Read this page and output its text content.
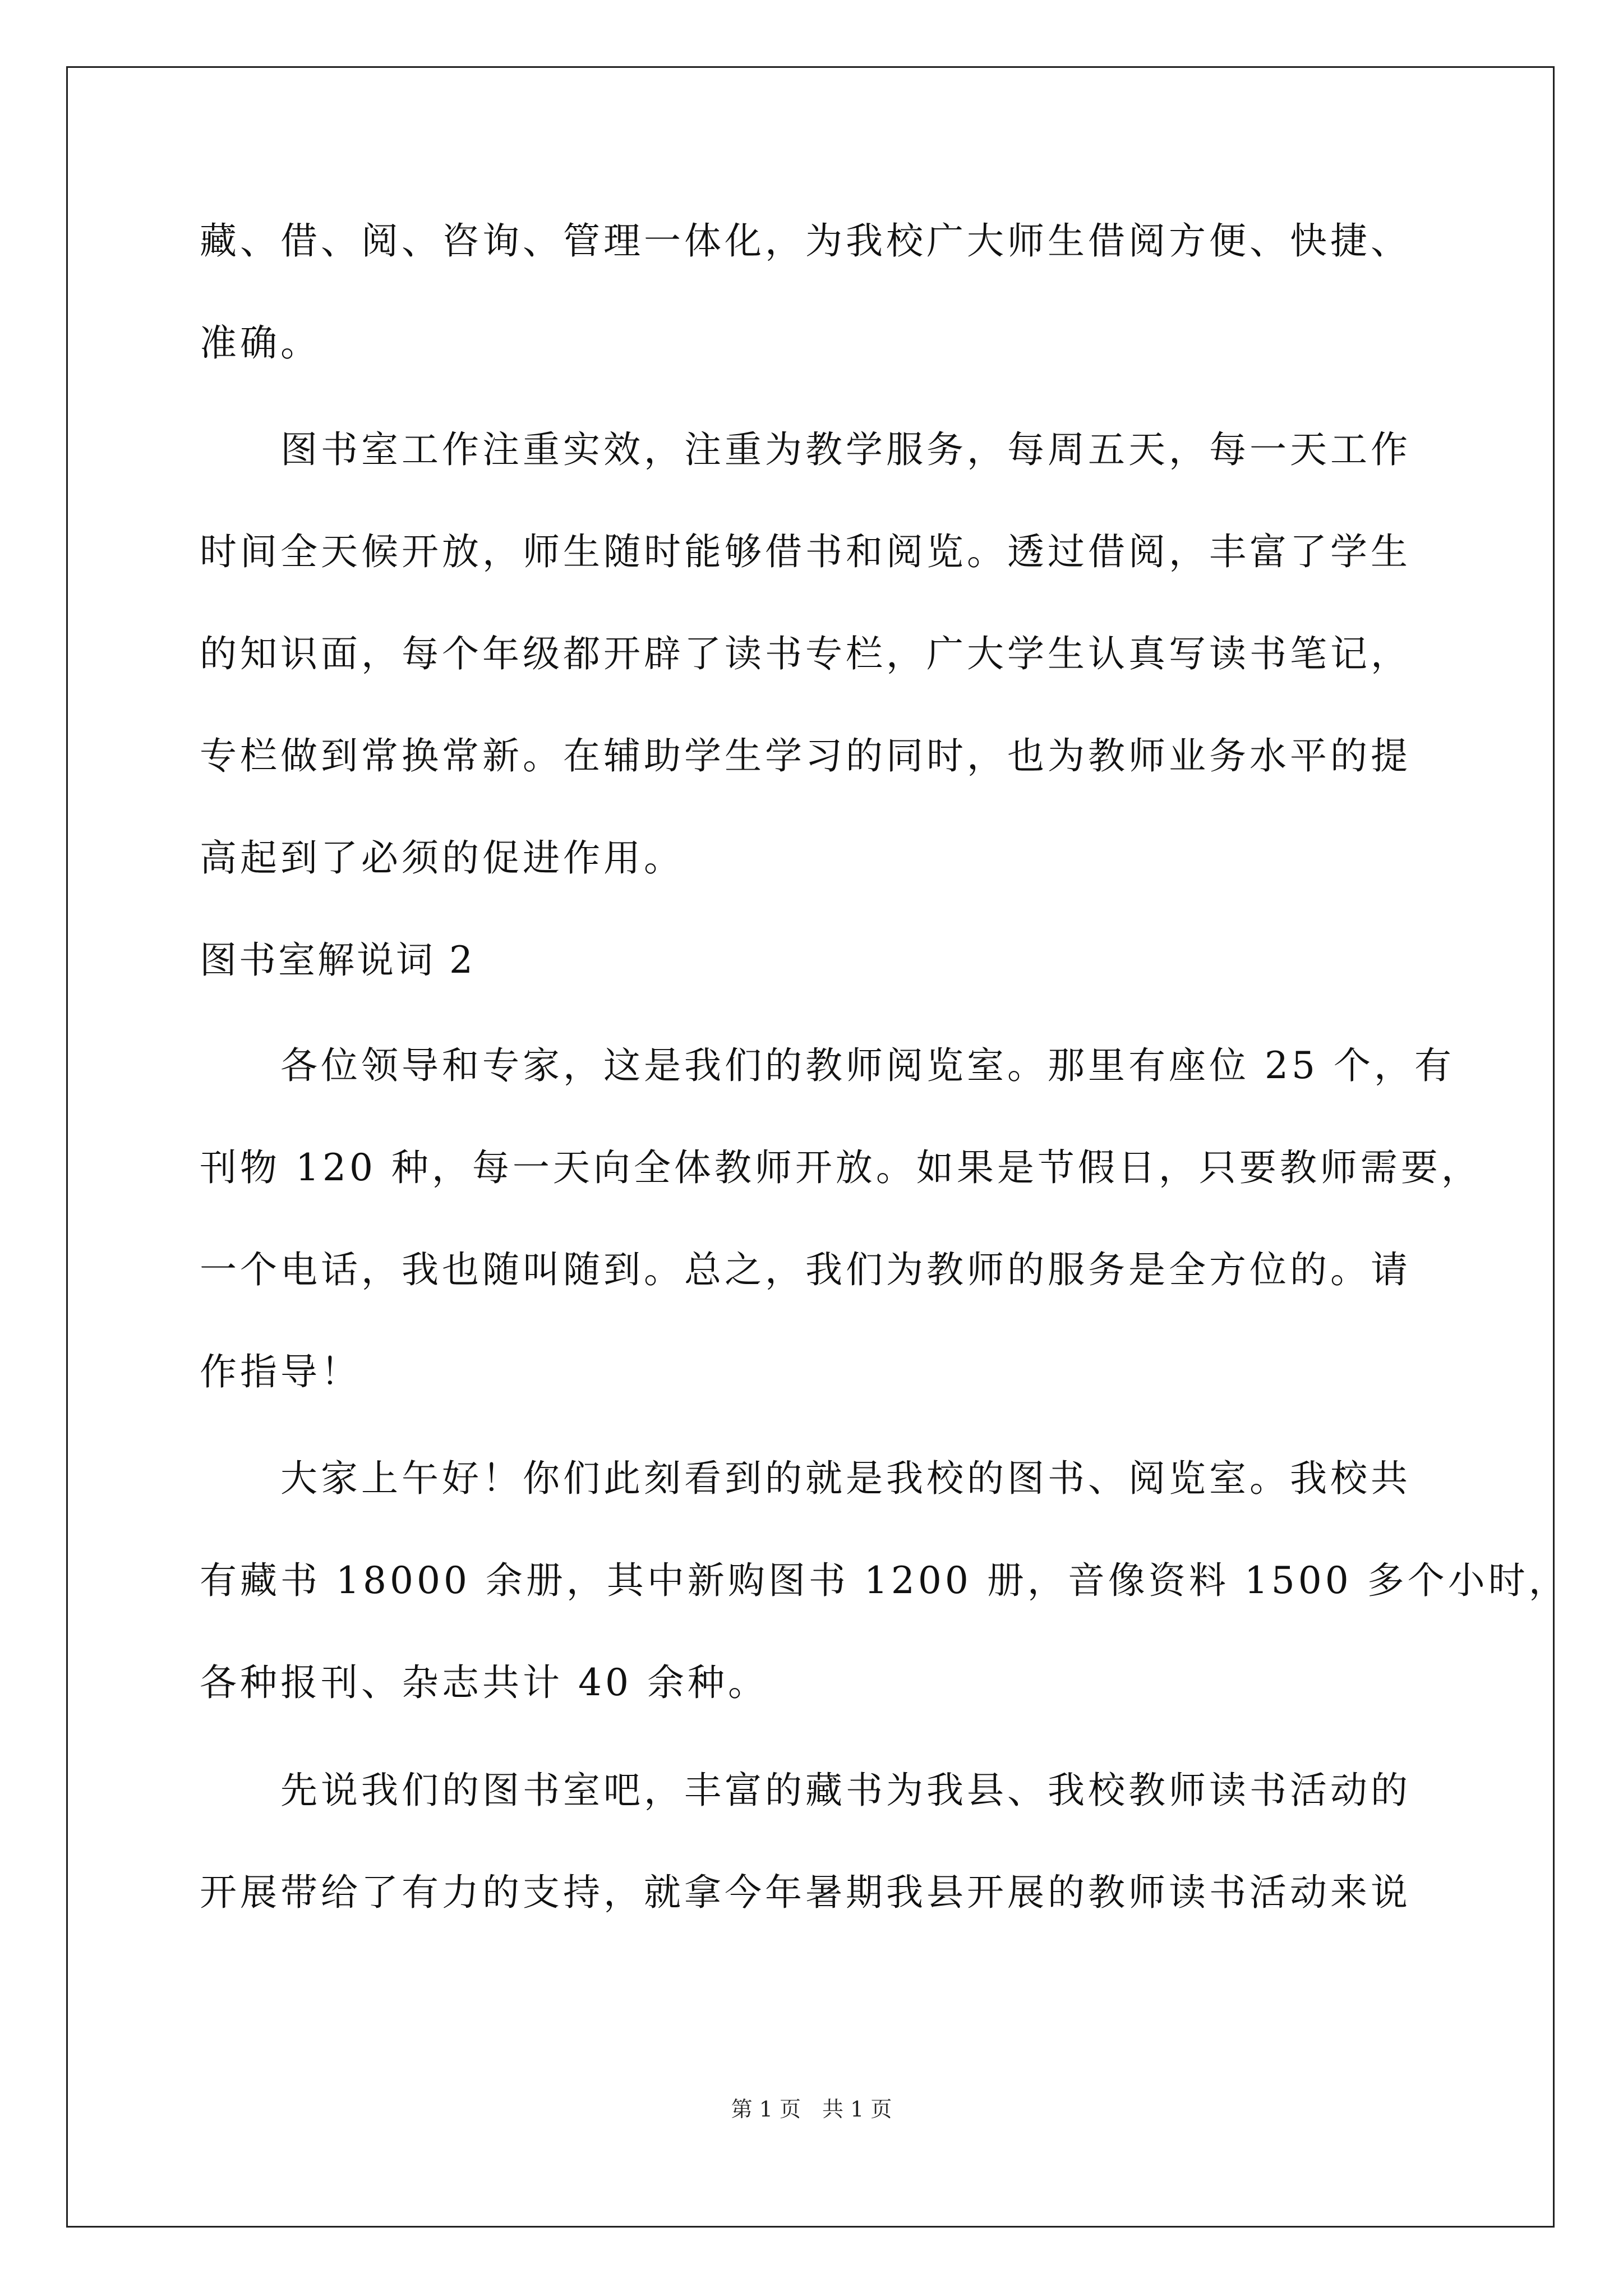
藏、借、阅、咨询、管理一体化，为我校广大师生借阅方便、快捷、
准确。
图书室工作注重实效，注重为教学服务，每周五天，每一天工作
时间全天候开放，师生随时能够借书和阅览。透过借阅，丰富了学生
的知识面，每个年级都开辟了读书专栏，广大学生认真写读书笔记，
专栏做到常换常新。在辅助学生学习的同时，也为教师业务水平的提
高起到了必须的促进作用。
图书室解说词 2
各位领导和专家，这是我们的教师阅览室。那里有座位 25 个，有
刊物 120 种，每一天向全体教师开放。如果是节假日，只要教师需要，
一个电话，我也随叫随到。总之，我们为教师的服务是全方位的。请
作指导！
大家上午好！你们此刻看到的就是我校的图书、阅览室。我校共
有藏书 18000 余册，其中新购图书 1200 册，音像资料 1500 多个小时，
各种报刊、杂志共计 40 余种。
先说我们的图书室吧，丰富的藏书为我县、我校教师读书活动的
开展带给了有力的支持，就拿今年暑期我县开展的教师读书活动来说
第 1 页　共 1 页
